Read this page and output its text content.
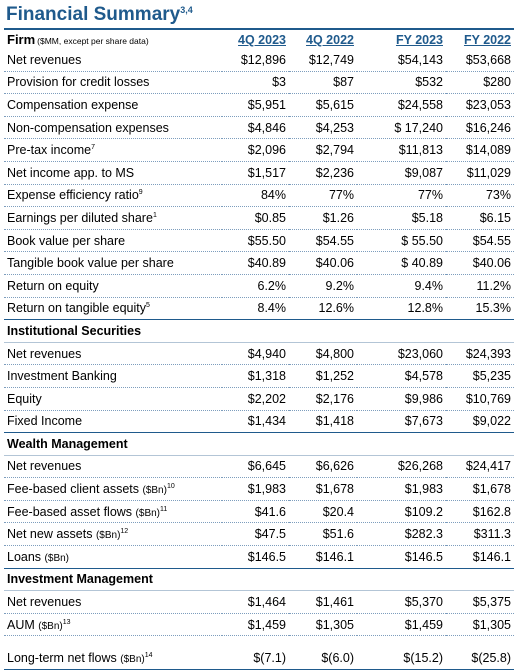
Financial Summary$^{3,4}$
Firm ($MM, except per share data)	4Q 2023	4Q 2022	FY 2023	FY 2022
Net revenues	$12,896	$12,749	$54,143	$53,668
Provision for credit losses	$3	$87	$532	$280
Compensation expense	$5,951	$5,615	$24,558	$23,053
Non-compensation expenses	$4,846	$4,253	$ 17,240	$16,246
Pre-tax income$^7$	$2,096	$2,794	$11,813	$14,089
Net income app. to MS	$1,517	$2,236	$9,087	$11,029
Expense efficiency ratio$^9$	84%	77%	77%	73%
Earnings per diluted share$^1$	$0.85	$1.26	$5.18	$6.15
Book value per share	$55.50	$54.55	$ 55.50	$54.55
Tangible book value per share	$40.89	$40.06	$ 40.89	$40.06
Return on equity	6.2%	9.2%	9.4%	11.2%
Return on tangible equity$^5$	8.4%	12.6%	12.8%	15.3%
Institutional Securities				
Net revenues	$4,940	$4,800	$23,060	$24,393
Investment Banking	$1,318	$1,252	$4,578	$5,235
Equity	$2,202	$2,176	$9,986	$10,769
Fixed Income	$1,434	$1,418	$7,673	$9,022
Wealth Management				
Net revenues	$6,645	$6,626	$26,268	$24,417
Fee-based client assets ($Bn)$^{10}$	$1,983	$1,678	$1,983	$1,678
Fee-based asset flows ($Bn)$^{11}$	$41.6	$20.4	$109.2	$162.8
Net new assets ($Bn)$^{12}$	$47.5	$51.6	$282.3	$311.3
Loans ($Bn)	$146.5	$146.1	$146.5	$146.1
Investment Management				
Net revenues	$1,464	$1,461	$5,370	$5,375
AUM ($Bn)$^{13}$	$1,459	$1,305	$1,459	$1,305

Long-term net flows ($Bn)$^{14}$	$(7.1)	$(6.0)	$(15.2)	$(25.8)
